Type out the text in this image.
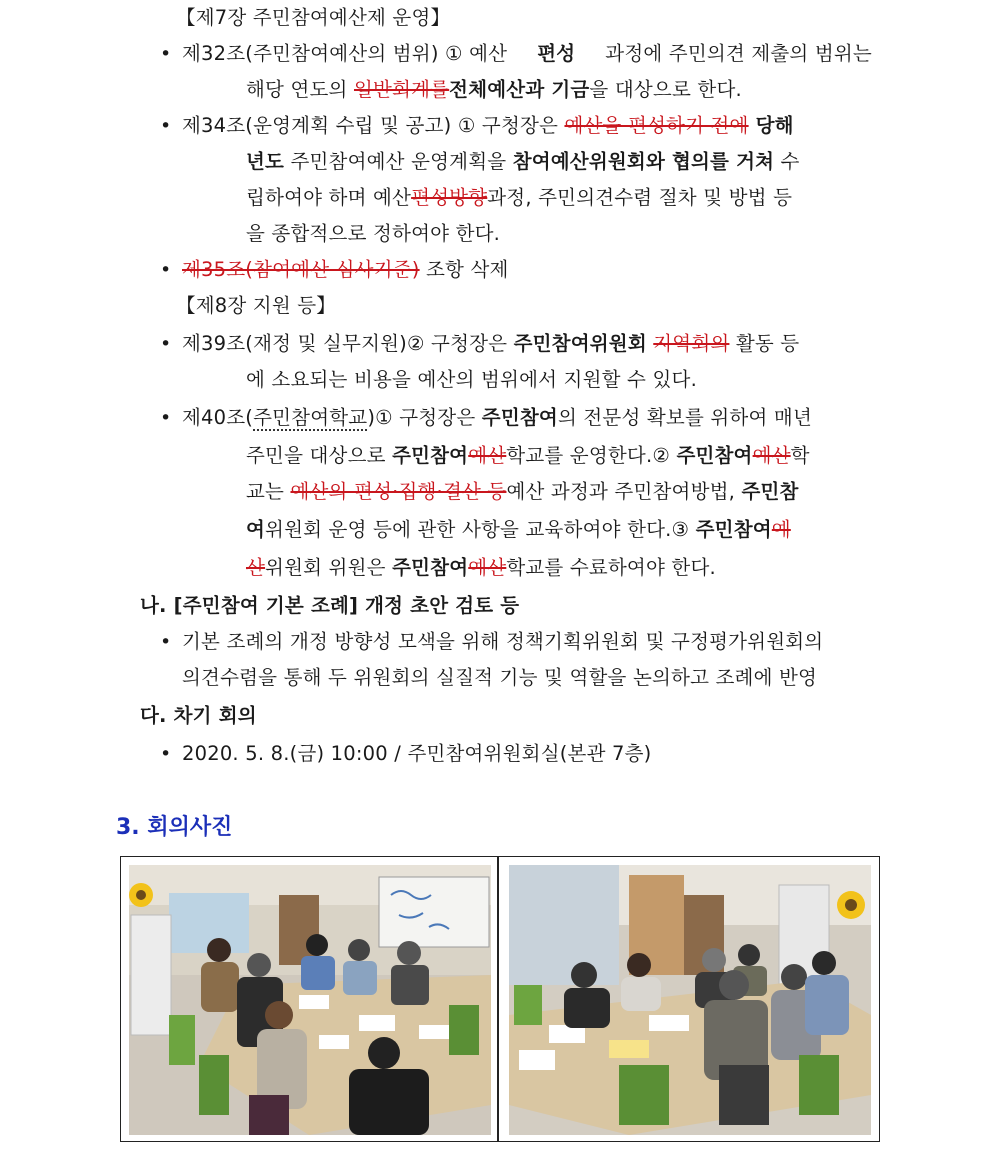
【제7장 주민참여예산제 운영】
• 제32조(주민참여예산의 범위) ① 예산 편성 과정에 주민의견 제출의 범위는
해당 연도의 일반회계를전체예산과 기금을 대상으로 한다.
• 제34조(운영계획 수립 및 공고) ① 구청장은 예산을 편성하기 전에 당해
년도 주민참여예산 운영계획을 참여예산위원회와 협의를 거쳐 수
립하여야 하며 예산편성방향과정, 주민의견수렴 절차 및 방법 등
을 종합적으로 정하여야 한다.
• 제35조(참여예산 심사기준) 조항 삭제
【제8장 지원 등】
• 제39조(재정 및 실무지원)② 구청장은 주민참여위원회 지역회의 활동 등
에 소요되는 비용을 예산의 범위에서 지원할 수 있다.
• 제40조(주민참여학교)① 구청장은 주민참여의 전문성 확보를 위하여 매년
주민을 대상으로 주민참여예산학교를 운영한다.② 주민참여예산학
교는 예산의 편성·집행·결산 등예산 과정과 주민참여방법, 주민참
여위원회 운영 등에 관한 사항을 교육하여야 한다.③ 주민참여예
산위원회 위원은 주민참여예산학교를 수료하여야 한다.
나. [주민참여 기본 조례] 개정 초안 검토 등
• 기본 조례의 개정 방향성 모색을 위해 정책기획위원회 및 구정평가위원회의
의견수렴을 통해 두 위원회의 실질적 기능 및 역할을 논의하고 조례에 반영
다. 차기 회의
• 2020. 5. 8.(금) 10:00 / 주민참여위원회실(본관 7층)
3. 회의사진
